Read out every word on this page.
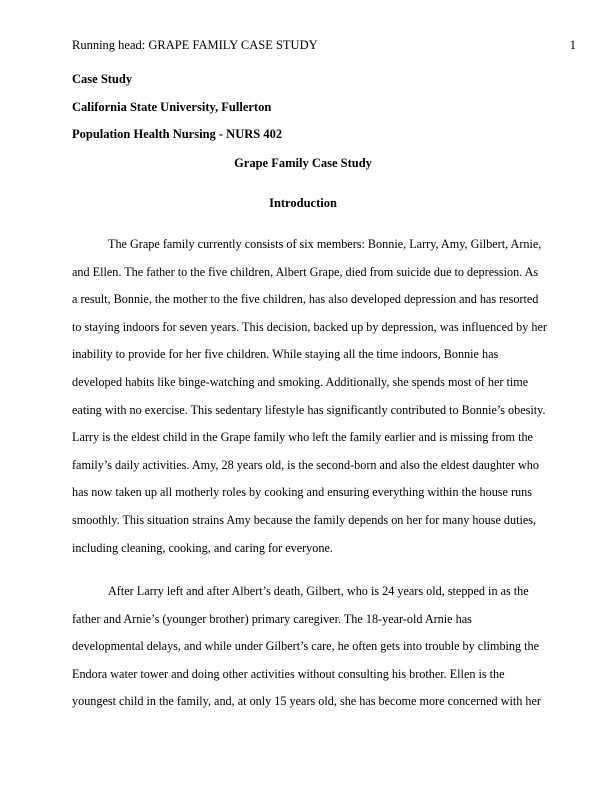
Running head: GRAPE FAMILY CASE STUDY	1
Case Study
California State University, Fullerton
Population Health Nursing - NURS 402
Grape Family Case Study
Introduction
The Grape family currently consists of six members: Bonnie, Larry, Amy, Gilbert, Arnie,
and Ellen. The father to the five children, Albert Grape, died from suicide due to depression. As
a result, Bonnie, the mother to the five children, has also developed depression and has resorted
to staying indoors for seven years. This decision, backed up by depression, was influenced by her
inability to provide for her five children. While staying all the time indoors, Bonnie has
developed habits like binge-watching and smoking. Additionally, she spends most of her time
eating with no exercise. This sedentary lifestyle has significantly contributed to Bonnie’s obesity.
Larry is the eldest child in the Grape family who left the family earlier and is missing from the
family’s daily activities. Amy, 28 years old, is the second-born and also the eldest daughter who
has now taken up all motherly roles by cooking and ensuring everything within the house runs
smoothly. This situation strains Amy because the family depends on her for many house duties,
including cleaning, cooking, and caring for everyone.
After Larry left and after Albert’s death, Gilbert, who is 24 years old, stepped in as the
father and Arnie’s (younger brother) primary caregiver. The 18-year-old Arnie has
developmental delays, and while under Gilbert’s care, he often gets into trouble by climbing the
Endora water tower and doing other activities without consulting his brother. Ellen is the
youngest child in the family, and, at only 15 years old, she has become more concerned with her
